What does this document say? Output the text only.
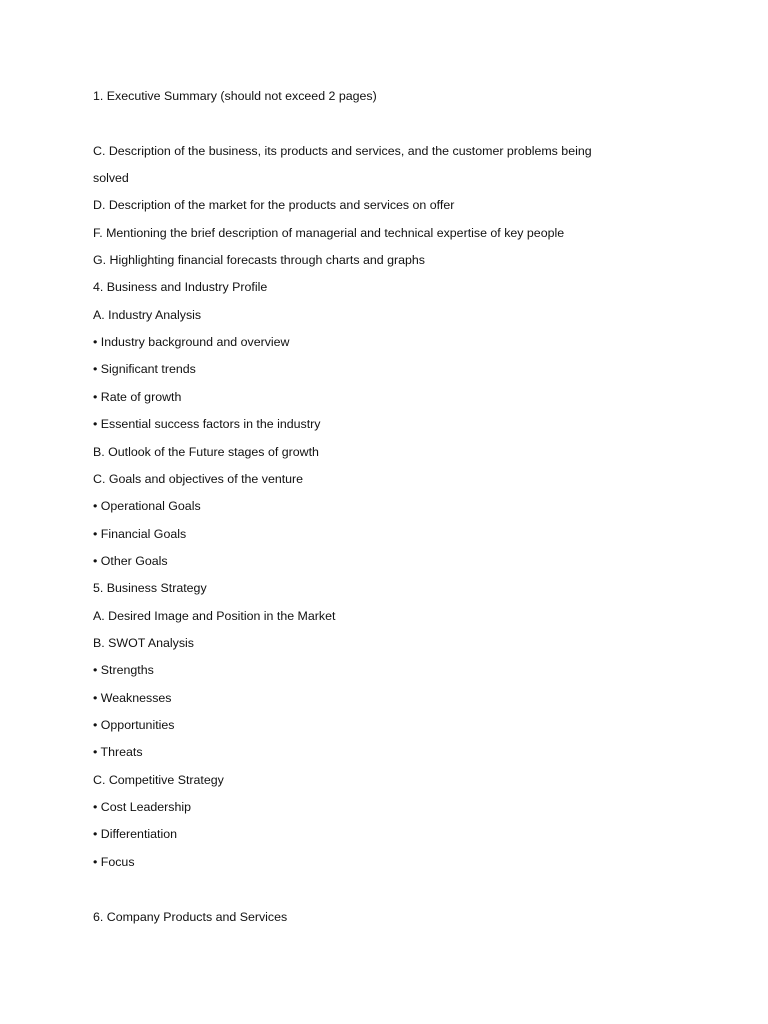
1. Executive Summary (should not exceed 2 pages)
C. Description of the business, its products and services, and the customer problems being
solved
D. Description of the market for the products and services on offer
F. Mentioning the brief description of managerial and technical expertise of key people
G. Highlighting financial forecasts through charts and graphs
4. Business and Industry Profile
A. Industry Analysis
• Industry background and overview
• Significant trends
• Rate of growth
• Essential success factors in the industry
B. Outlook of the Future stages of growth
C. Goals and objectives of the venture
• Operational Goals
• Financial Goals
• Other Goals
5. Business Strategy
A. Desired Image and Position in the Market
B. SWOT Analysis
• Strengths
• Weaknesses
• Opportunities
• Threats
C. Competitive Strategy
• Cost Leadership
• Differentiation
• Focus
6. Company Products and Services
